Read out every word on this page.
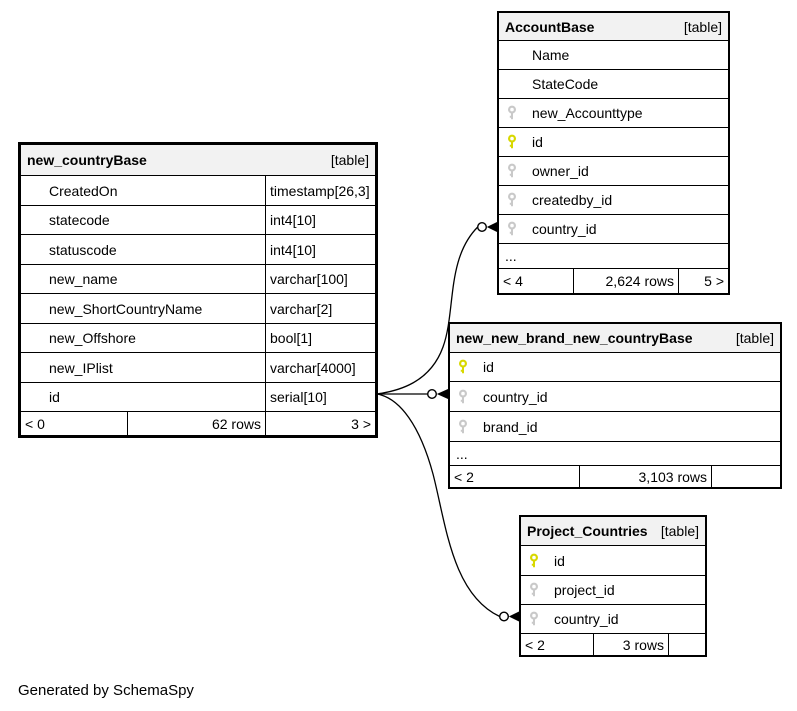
AccountBase	[table]
Name
StateCode
new_Accounttype
id
owner_id
createdby_id
country_id
...
< 4	2,624 rows	5 >
new_countryBase	[table]
CreatedOn	timestamp[26,3]
statecode	int4[10]
statuscode	int4[10]
new_name	varchar[100]
new_ShortCountryName	varchar[2]
new_Offshore	bool[1]
new_IPlist	varchar[4000]
id	serial[10]
< 0	62 rows	3 >
new_new_brand_new_countryBase	[table]
id
country_id
brand_id
...
< 2	3,103 rows
Project_Countries [table]
id
project_id
country_id
< 2	3 rows
Generated by SchemaSpy
